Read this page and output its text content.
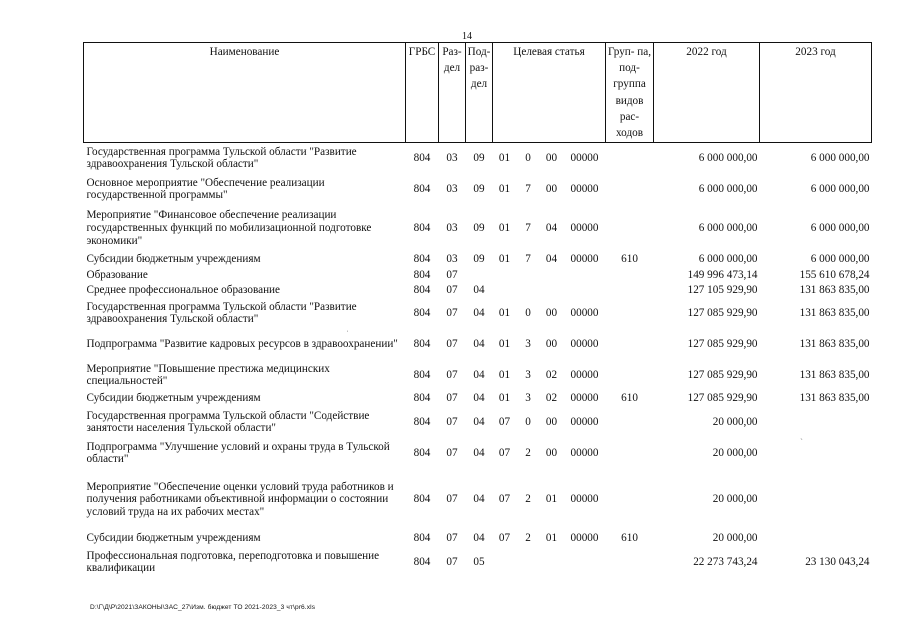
14
Наименование	ГРБС	Раз- дел	Под- раз- дел	Целевая статья				Груп- па, под- группа видов рас- ходов	2022 год	2023 год
Государственная программа Тульской области "Развитие здравоохранения Тульской области"	804	03	09	01	0	00	00000		6 000 000,00	6 000 000,00
Основное мероприятие "Обеспечение реализации государственной программы"	804	03	09	01	7	00	00000		6 000 000,00	6 000 000,00
Мероприятие "Финансовое обеспечение реализации государственных функций по мобилизационной подготовке экономики"	804	03	09	01	7	04	00000		6 000 000,00	6 000 000,00
Субсидии бюджетным учреждениям	804	03	09	01	7	04	00000	610	6 000 000,00	6 000 000,00
Образование	804	07							149 996 473,14	155 610 678,24
Среднее профессиональное образование	804	07	04						127 105 929,90	131 863 835,00
Государственная программа Тульской области "Развитие здравоохранения Тульской области"	804	07	04	01	0	00	00000		127 085 929,90	131 863 835,00
Подпрограмма "Развитие кадровых ресурсов в здравоохранении"	804	07	04	01	3	00	00000		127 085 929,90	131 863 835,00
Мероприятие "Повышение престижа медицинских специальностей"	804	07	04	01	3	02	00000		127 085 929,90	131 863 835,00
Субсидии бюджетным учреждениям	804	07	04	01	3	02	00000	610	127 085 929,90	131 863 835,00
Государственная программа Тульской области "Содействие занятости населения Тульской области"	804	07	04	07	0	00	00000		20 000,00	
Подпрограмма "Улучшение условий и охраны труда в Тульской области"	804	07	04	07	2	00	00000		20 000,00	
Мероприятие "Обеспечение оценки условий труда работников и получения работниками объективной информации о состоянии условий труда на их рабочих местах"	804	07	04	07	2	01	00000		20 000,00	
Субсидии бюджетным учреждениям	804	07	04	07	2	01	00000	610	20 000,00	
Профессиональная подготовка, переподготовка и повышение квалификации	804	07	05						22 273 743,24	23 130 043,24
D:\Г\Д\Р\2021\ЗАКОНЫ\ЗАС_27\Изм. бюджет ТО 2021-2023_3 чт\pr6.xls
ˌ
ˏ
